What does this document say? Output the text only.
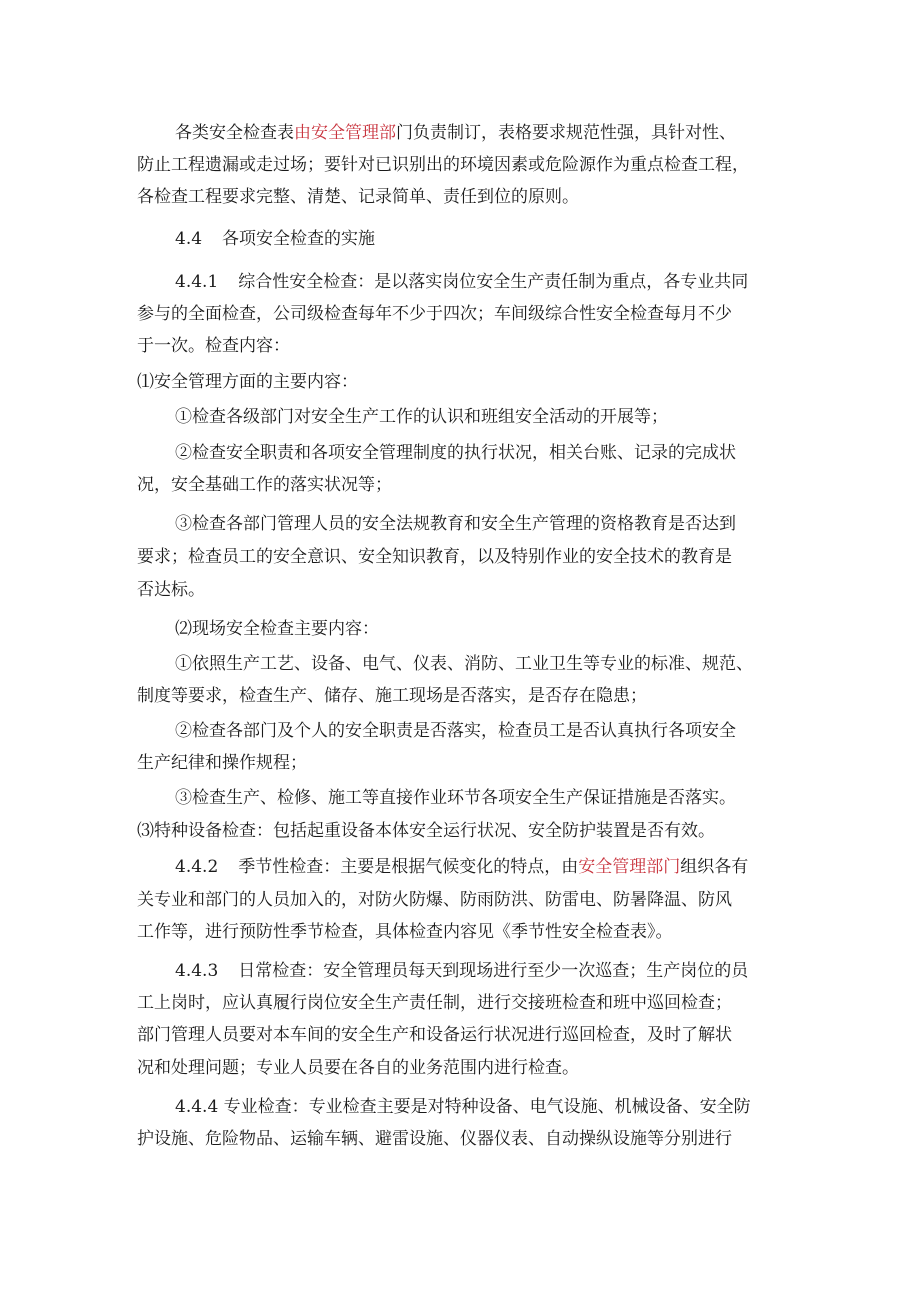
各类安全检查表由安全管理部门负责制订，表格要求规范性强，具针对性、
防止工程遗漏或走过场；要针对已识别出的环境因素或危险源作为重点检查工程，
各检查工程要求完整、清楚、记录简单、责任到位的原则。
4.4 各项安全检查的实施
4.4.1 综合性安全检查：是以落实岗位安全生产责任制为重点，各专业共同
参与的全面检查，公司级检查每年不少于四次；车间级综合性安全检查每月不少
于一次。检查内容：
⑴安全管理方面的主要内容：
①检查各级部门对安全生产工作的认识和班组安全活动的开展等；
②检查安全职责和各项安全管理制度的执行状况，相关台账、记录的完成状
况，安全基础工作的落实状况等；
③检查各部门管理人员的安全法规教育和安全生产管理的资格教育是否达到
要求；检查员工的安全意识、安全知识教育，以及特别作业的安全技术的教育是
否达标。
⑵现场安全检查主要内容：
①依照生产工艺、设备、电气、仪表、消防、工业卫生等专业的标准、规范、
制度等要求，检查生产、储存、施工现场是否落实，是否存在隐患；
②检查各部门及个人的安全职责是否落实，检查员工是否认真执行各项安全
生产纪律和操作规程；
③检查生产、检修、施工等直接作业环节各项安全生产保证措施是否落实。
⑶特种设备检查：包括起重设备本体安全运行状况、安全防护装置是否有效。
4.4.2 季节性检查：主要是根据气候变化的特点，由安全管理部门组织各有
关专业和部门的人员加入的，对防火防爆、防雨防洪、防雷电、防暑降温、防风
工作等，进行预防性季节检查，具体检查内容见《季节性安全检查表》。
4.4.3 日常检查：安全管理员每天到现场进行至少一次巡查；生产岗位的员
工上岗时，应认真履行岗位安全生产责任制，进行交接班检查和班中巡回检查；
部门管理人员要对本车间的安全生产和设备运行状况进行巡回检查，及时了解状
况和处理问题；专业人员要在各自的业务范围内进行检查。
4.4.4 专业检查：专业检查主要是对特种设备、电气设施、机械设备、安全防
护设施、危险物品、运输车辆、避雷设施、仪器仪表、自动操纵设施等分别进行
